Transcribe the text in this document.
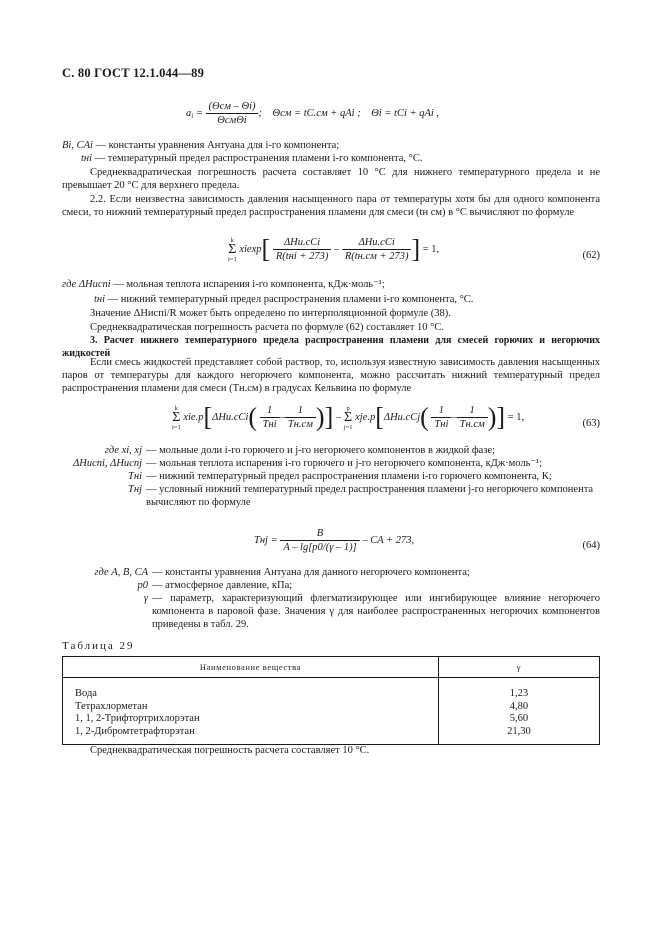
С. 80 ГОСТ 12.1.044—89
$a_i = \frac{\text{(Θсм – Θi)}}{\text{ΘсмΘi}}$ ;    Θсм = tС.см + qAi ; Θi = tCi + qAi ,
Bi, CAi — константы уравнения Антуана для i-го компонента;
tнi — температурный предел распространения пламени i-го компонента, °С.
Среднеквадратическая погрешность расчета составляет 10 °С для нижнего температурного предела и не превышает 20 °С для верхнего предела.
2.2. Если неизвестна зависимость давления насыщенного пара от температуры хотя бы для одного компонента смеси, то нижний температурный предел распространения пламени для смеси (tн см) в °С вычисляют по формуле
k
Σ
i=1
$xiexp[ \frac{\text{ΔHи.сCi}}{\text{R(tнi + 273)}} - \frac{\text{ΔHи.сCi}}{R(tн.см + 273)}$ ] = 1,
(62)
где ΔHиспi — мольная теплота испарения i-го компонента, кДж·моль⁻¹;
tнi — нижний температурный предел распространения пламени i-го компонента, °С.
Значение ΔHиспi/R может быть определено по интерполяционной формуле (38).
Среднеквадратическая погрешность расчета по формуле (62) составляет 10 °С.
3. Расчет нижнего температурного предела распространения пламени для смесей горючих и негорючих жидкостей
Если смесь жидкостей представляет собой раствор, то, используя известную зависимость давления насыщенных паров от температуры для каждого негорючего компонента, можно рассчитать нижний температурный предел распространения пламени для смеси (Tн.см) в градусах Кельвина по формуле
k
Σ
i=1
$xie.p[\Delta Hи.сCi( \frac{1}{\text{Tнi}} - \frac{1}{Tн.см}$ )] –
p
Σ
j=1
$xje.p[\Delta Hи.сCj( \frac{1}{\text{Tнi}} - \frac{1}{Tн.см}$ )] = 1,
(63)
где xi, xj	— мольные доли i-го горючего и j-го негорючего компонентов в жидкой фазе;
ΔHиспi, ΔHиспj	— мольная теплота испарения i-го горючего и j-го негорючего компонента, кДж·моль⁻¹;
Tнi	— нижний температурный предел распространения пламени i-го горючего компонента, К;
Tнj	— условный нижний температурный предел распространения пламени j-го негорючего компонента вычисляют по формуле
Tнj = $\frac{B}{A - \lg[p0/(\gamma - 1)]}$ – CA + 273,	(64)
где A, B, CA	— константы уравнения Антуана для данного негорючего компонента;
p0	— атмосферное давление, кПа;
γ	— параметр, характеризующий флегматизирующее или ингибирующее влияние негорючего компонента в паровой фазе. Значения γ для наиболее распространенных негорючих компонентов приведены в табл. 29.
Таблица 29
Наименование вещества	γ
Вода	1,23
Тетрахлорметан	4,80
1, 1, 2-Трифтортрихлорэтан	5,60
1, 2-Дибромтетрафторэтан	21,30
Среднеквадратическая погрешность расчета составляет 10 °С.
